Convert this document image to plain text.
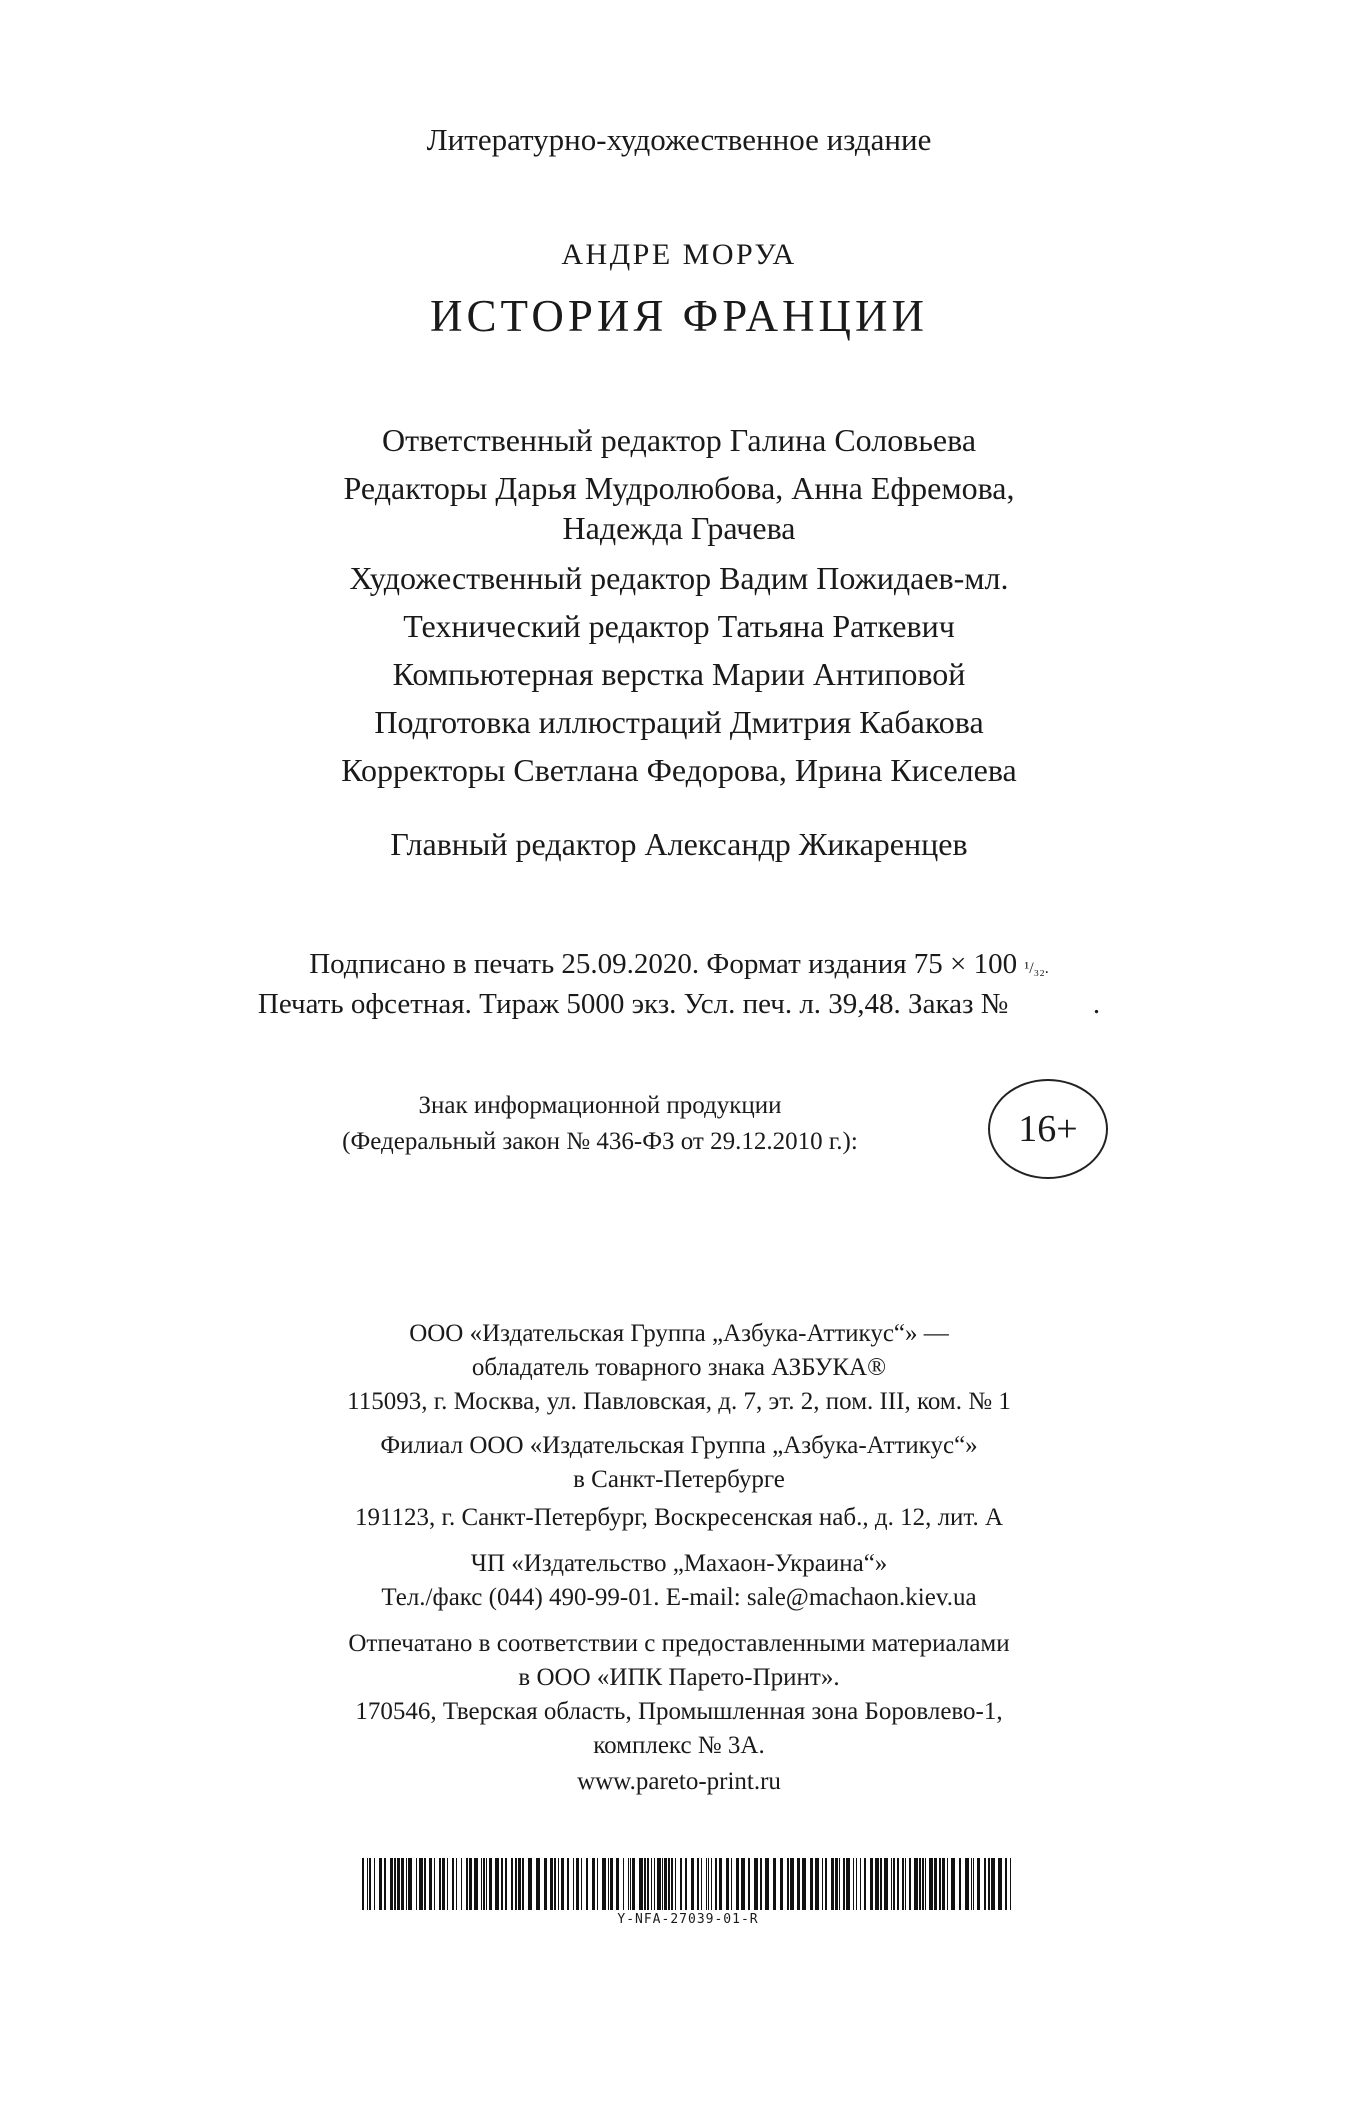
Литературно-художественное издание
АНДРЕ МОРУА
ИСТОРИЯ ФРАНЦИИ
Ответственный редактор Галина Соловьева
Редакторы Дарья Мудролюбова, Анна Ефремова,
Надежда Грачева
Художественный редактор Вадим Пожидаев-мл.
Технический редактор Татьяна Раткевич
Компьютерная верстка Марии Антиповой
Подготовка иллюстраций Дмитрия Кабакова
Корректоры Светлана Федорова, Ирина Киселева
Главный редактор Александр Жикаренцев
Подписано в печать 25.09.2020. Формат издания 75 × 100 ¹/₃₂.
Печать офсетная. Тираж 5000 экз. Усл. печ. л. 39,48. Заказ №	.
Знак информационной продукции
(Федеральный закон № 436-ФЗ от 29.12.2010 г.):	16+
ООО «Издательская Группа „Азбука-Аттикус“» —
обладатель товарного знака АЗБУКА®
115093, г. Москва, ул. Павловская, д. 7, эт. 2, пом. III, ком. № 1
Филиал ООО «Издательская Группа „Азбука-Аттикус“»
в Санкт-Петербурге
191123, г. Санкт-Петербург, Воскресенская наб., д. 12, лит. А
ЧП «Издательство „Махаон-Украина“»
Тел./факс (044) 490-99-01. E-mail: sale@machaon.kiev.ua
Отпечатано в соответствии с предоставленными материалами
в ООО «ИПК Парето-Принт».
170546, Тверская область, Промышленная зона Боровлево-1,
комплекс № 3А.
www.pareto-print.ru
Y-NFA-27039-01-R
